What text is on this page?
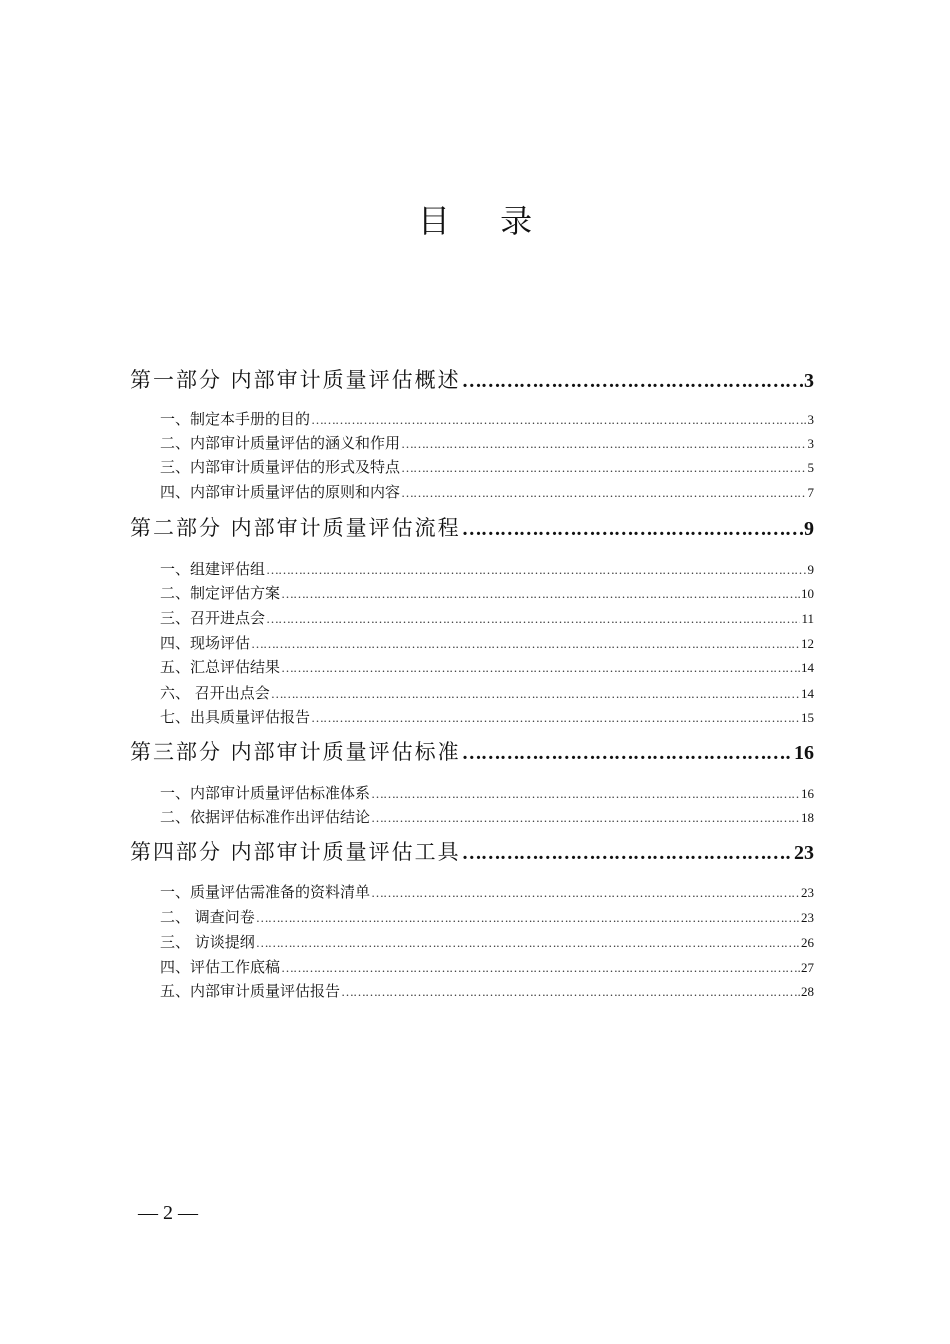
目 录
第一部分 内部审计质量评估概述 …………………………………………………………………………………………………………………………………………………………………………………………………………………………………………	3
一、制定本手册的目的 …………………………………………………………………………………………………………………………………………………………………………………………………………………………………………	3
二、内部审计质量评估的涵义和作用 …………………………………………………………………………………………………………………………………………………………………………………………………………………………………………	3
三、内部审计质量评估的形式及特点 …………………………………………………………………………………………………………………………………………………………………………………………………………………………………………	5
四、内部审计质量评估的原则和内容 …………………………………………………………………………………………………………………………………………………………………………………………………………………………………………	7
第二部分 内部审计质量评估流程 …………………………………………………………………………………………………………………………………………………………………………………………………………………………………………	9
一、组建评估组 …………………………………………………………………………………………………………………………………………………………………………………………………………………………………………	9
二、制定评估方案 …………………………………………………………………………………………………………………………………………………………………………………………………………………………………………	10
三、召开进点会 …………………………………………………………………………………………………………………………………………………………………………………………………………………………………………	11
四、现场评估 …………………………………………………………………………………………………………………………………………………………………………………………………………………………………………	12
五、汇总评估结果 …………………………………………………………………………………………………………………………………………………………………………………………………………………………………………	14
六、 召开出点会 …………………………………………………………………………………………………………………………………………………………………………………………………………………………………………	14
七、出具质量评估报告 …………………………………………………………………………………………………………………………………………………………………………………………………………………………………………	15
第三部分 内部审计质量评估标准 …………………………………………………………………………………………………………………………………………………………………………………………………………………………………………	16
一、内部审计质量评估标准体系 …………………………………………………………………………………………………………………………………………………………………………………………………………………………………………	16
二、依据评估标准作出评估结论 …………………………………………………………………………………………………………………………………………………………………………………………………………………………………………	18
第四部分 内部审计质量评估工具 …………………………………………………………………………………………………………………………………………………………………………………………………………………………………………	23
一、质量评估需准备的资料清单 …………………………………………………………………………………………………………………………………………………………………………………………………………………………………………	23
二、 调查问卷 …………………………………………………………………………………………………………………………………………………………………………………………………………………………………………	23
三、 访谈提纲 …………………………………………………………………………………………………………………………………………………………………………………………………………………………………………	26
四、评估工作底稿 …………………………………………………………………………………………………………………………………………………………………………………………………………………………………………	27
五、内部审计质量评估报告 …………………………………………………………………………………………………………………………………………………………………………………………………………………………………………	28
— 2 —
